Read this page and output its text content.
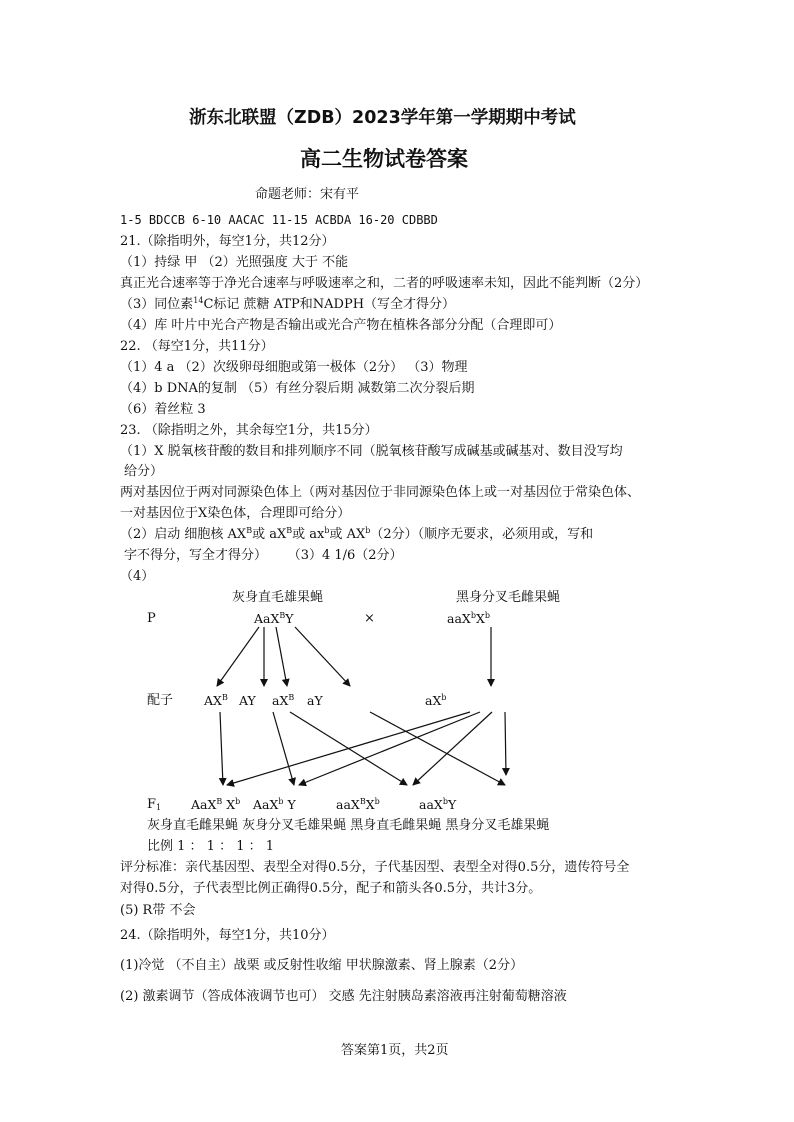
浙东北联盟（ZDB）2023学年第一学期期中考试
高二生物试卷答案
命题老师：宋有平
1-5 BDCCB 6-10 AACAC 11-15 ACBDA 16-20 CDBBD
21.（除指明外，每空1分，共12分）
（1）持绿 甲 （2）光照强度 大于 不能
真正光合速率等于净光合速率与呼吸速率之和，二者的呼吸速率未知，因此不能判断（2分）
（3）同位素$^{14}$C标记 蔗糖 ATP和NADPH（写全才得分）
（4）库 叶片中光合产物是否输出或光合产物在植株各部分分配（合理即可）
22. （每空1分，共11分）
（1）4 a （2）次级卵母细胞或第一极体（2分） （3）物理
（4）b DNA的复制 （5）有丝分裂后期 减数第二次分裂后期
（6）着丝粒 3
23. （除指明之外，其余每空1分，共15分）
（1）X 脱氧核苷酸的数目和排列顺序不同（脱氧核苷酸写成碱基或碱基对、数目没写均
给分）
两对基因位于两对同源染色体上（两对基因位于非同源染色体上或一对基因位于常染色体、
一对基因位于X染色体，合理即可给分）
（2）启动 细胞核 $AX^B$或 $aX^B$或 $ax^b$或 $AX^b(2$分）（顺序无要求，必须用或，写和
字不得分，写全才得分） （3）4 1/6（2分）
（4）
灰身直毛雄果蝇	黑身分叉毛雌果蝇
P	AaX$^B$Y	×	$aaX^bX^b$
配子 $AX^B$ AY $aX^B$ aY	$aX^b$
$F_1$ AaX$^B$ $X^b$ AaX$^b$ Y	$aaX^BX^b$	aaX$^b$Y
灰身直毛雌果蝇 灰身分叉毛雄果蝇 黑身直毛雌果蝇 黑身分叉毛雄果蝇
比例 1 ： 1 ： 1 ： 1
评分标准：亲代基因型、表型全对得0.5分，子代基因型、表型全对得0.5分，遗传符号全
对得0.5分，子代表型比例正确得0.5分，配子和箭头各0.5分，共计3分。
(5) R带 不会
24.（除指明外，每空1分，共10分）
(1)冷觉 （不自主）战栗 或反射性收缩 甲状腺激素、肾上腺素（2分）
(2) 激素调节（答成体液调节也可） 交感 先注射胰岛素溶液再注射葡萄糖溶液
答案第1页，共2页
